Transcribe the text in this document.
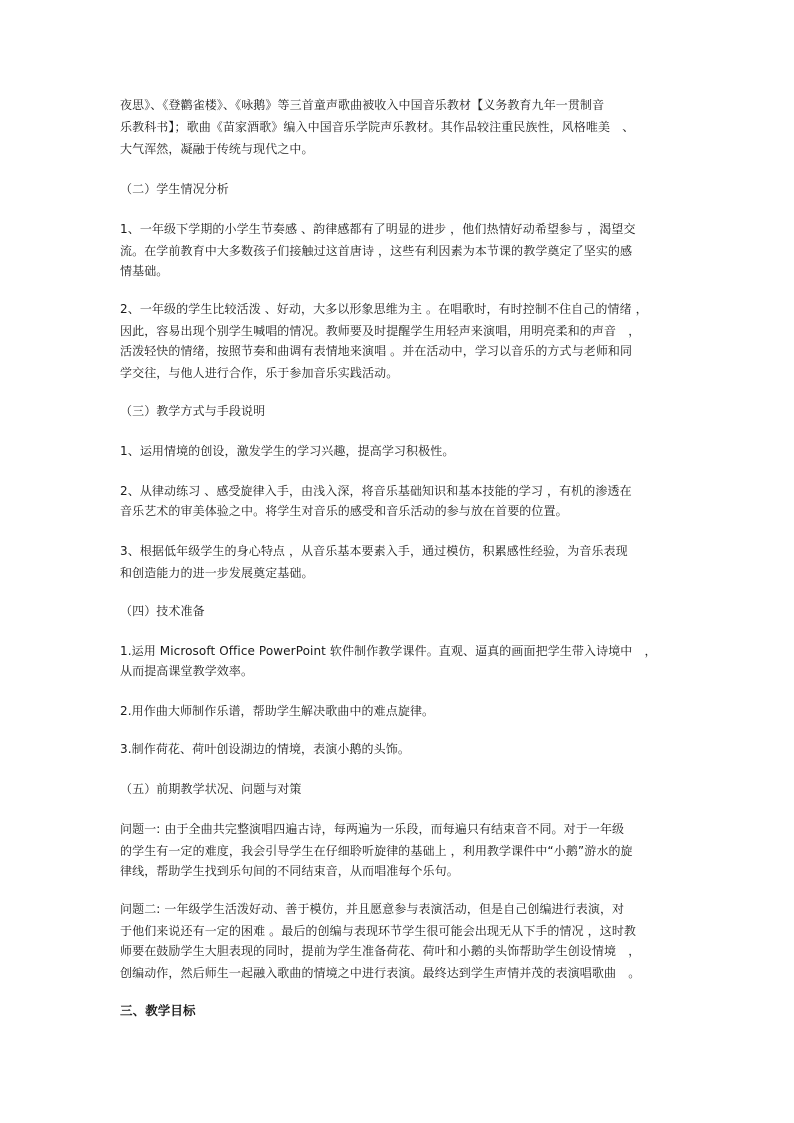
夜思》、《登鹳雀楼》、《咏鹅》等三首童声歌曲被收入中国音乐教材【义务教育九年一贯制音
乐教科书】；歌曲《苗家酒歌》编入中国音乐学院声乐教材。其作品较注重民族性，风格唯美　、
大气浑然，凝融于传统与现代之中。
（二）学生情况分析
1、一年级下学期的小学生节奏感 、韵律感都有了明显的进步 ，他们热情好动希望参与 ，渴望交
流。在学前教育中大多数孩子们接触过这首唐诗 ，这些有利因素为本节课的教学奠定了坚实的感
情基础。
2、一年级的学生比较活泼 、好动，大多以形象思维为主 。在唱歌时，有时控制不住自己的情绪 ，
因此，容易出现个别学生喊唱的情况。教师要及时提醒学生用轻声来演唱，用明亮柔和的声音　，
活泼轻快的情绪，按照节奏和曲调有表情地来演唱 。并在活动中，学习以音乐的方式与老师和同
学交往，与他人进行合作，乐于参加音乐实践活动。
（三）教学方式与手段说明
1、运用情境的创设，激发学生的学习兴趣，提高学习积极性。
2、从律动练习 、感受旋律入手，由浅入深，将音乐基础知识和基本技能的学习 ，有机的渗透在
音乐艺术的审美体验之中。将学生对音乐的感受和音乐活动的参与放在首要的位置。
3、根据低年级学生的身心特点 ，从音乐基本要素入手，通过模仿，积累感性经验，为音乐表现
和创造能力的进一步发展奠定基础。
（四）技术准备
1.运用 Microsoft Office PowerPoint 软件制作教学课件。直观、逼真的画面把学生带入诗境中　，
从而提高课堂教学效率。
2.用作曲大师制作乐谱，帮助学生解决歌曲中的难点旋律。
3.制作荷花、荷叶创设湖边的情境，表演小鹅的头饰。
（五）前期教学状况、问题与对策
问题一: 由于全曲共完整演唱四遍古诗，每两遍为一乐段，而每遍只有结束音不同。对于一年级
的学生有一定的难度，我会引导学生在仔细聆听旋律的基础上 ，利用教学课件中“小鹅”游水的旋
律线，帮助学生找到乐句间的不同结束音，从而唱准每个乐句。
问题二: 一年级学生活泼好动、善于模仿，并且愿意参与表演活动，但是自己创编进行表演，对
于他们来说还有一定的困难 。最后的创编与表现环节学生很可能会出现无从下手的情况 ，这时教
师要在鼓励学生大胆表现的同时，提前为学生准备荷花、荷叶和小鹅的头饰帮助学生创设情境　，
创编动作，然后师生一起融入歌曲的情境之中进行表演。最终达到学生声情并茂的表演唱歌曲　。
三、教学目标
